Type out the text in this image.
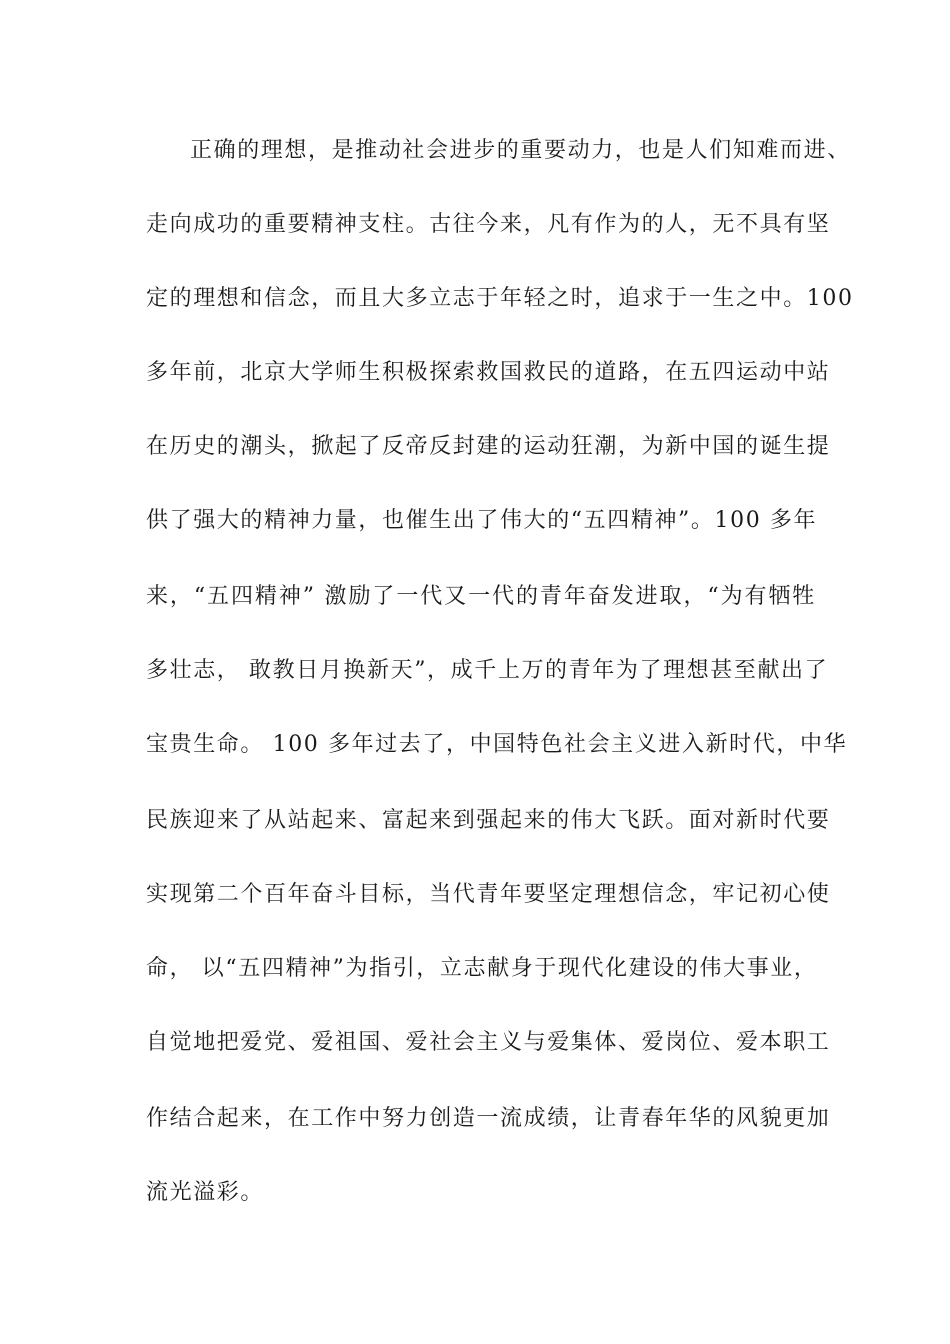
正确的理想，是推动社会进步的重要动力，也是人们知难而进、
走向成功的重要精神支柱。古往今来，凡有作为的人，无不具有坚
定的理想和信念，而且大多立志于年轻之时，追求于一生之中。100
多年前，北京大学师生积极探索救国救民的道路，在五四运动中站
在历史的潮头，掀起了反帝反封建的运动狂潮，为新中国的诞生提
供了强大的精神力量，也催生出了伟大的“五四精神”。100 多年
来，“五四精神” 激励了一代又一代的青年奋发进取，“为有牺牲
多壮志， 敢教日月换新天”，成千上万的青年为了理想甚至献出了
宝贵生命。 100 多年过去了，中国特色社会主义进入新时代，中华
民族迎来了从站起来、富起来到强起来的伟大飞跃。面对新时代要
实现第二个百年奋斗目标，当代青年要坚定理想信念，牢记初心使
命， 以“五四精神”为指引，立志献身于现代化建设的伟大事业，
自觉地把爱党、爱祖国、爱社会主义与爱集体、爱岗位、爱本职工
作结合起来，在工作中努力创造一流成绩，让青春年华的风貌更加
流光溢彩。
